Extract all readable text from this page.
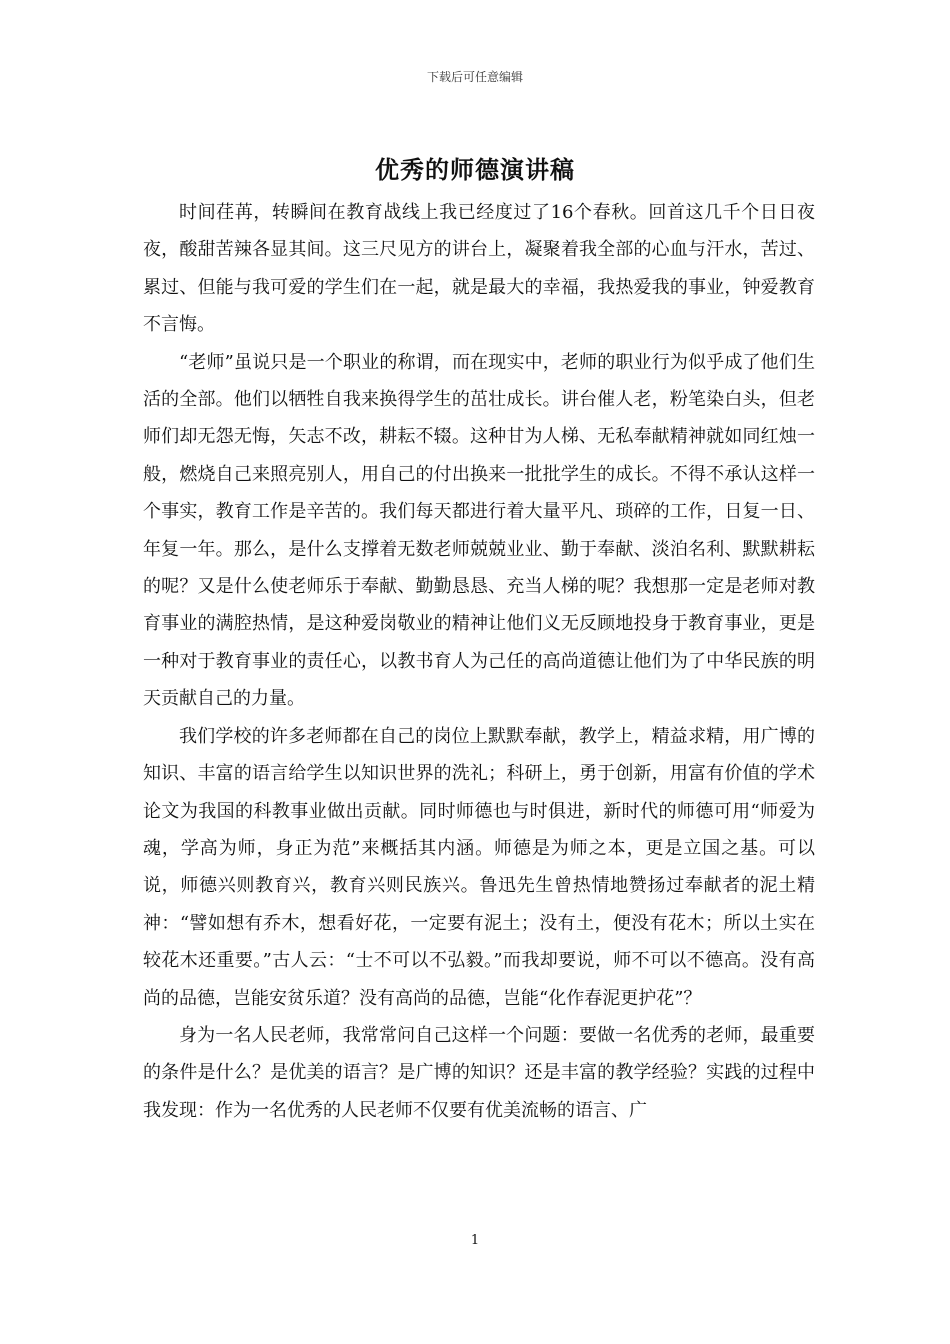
下载后可任意编辑
优秀的师德演讲稿

时间荏苒，转瞬间在教育战线上我已经度过了16个春秋。回首这几千个日日夜夜，酸甜苦辣各显其间。这三尺见方的讲台上，凝聚着我全部的心血与汗水，苦过、累过、但能与我可爱的学生们在一起，就是最大的幸福，我热爱我的事业，钟爱教育不言悔。

“老师”虽说只是一个职业的称谓，而在现实中，老师的职业行为似乎成了他们生活的全部。他们以牺牲自我来换得学生的茁壮成长。讲台催人老，粉笔染白头，但老师们却无怨无悔，矢志不改，耕耘不辍。这种甘为人梯、无私奉献精神就如同红烛一般，燃烧自己来照亮别人，用自己的付出换来一批批学生的成长。不得不承认这样一个事实，教育工作是辛苦的。我们每天都进行着大量平凡、琐碎的工作，日复一日、年复一年。那么，是什么支撑着无数老师兢兢业业、勤于奉献、淡泊名利、默默耕耘的呢？又是什么使老师乐于奉献、勤勤恳恳、充当人梯的呢？我想那一定是老师对教育事业的满腔热情，是这种爱岗敬业的精神让他们义无反顾地投身于教育事业，更是一种对于教育事业的责任心，以教书育人为己任的高尚道德让他们为了中华民族的明天贡献自己的力量。

我们学校的许多老师都在自己的岗位上默默奉献，教学上，精益求精，用广博的知识、丰富的语言给学生以知识世界的洗礼；科研上，勇于创新，用富有价值的学术论文为我国的科教事业做出贡献。同时师德也与时俱进，新时代的师德可用“师爱为魂，学高为师，身正为范”来概括其内涵。师德是为师之本，更是立国之基。可以说，师德兴则教育兴，教育兴则民族兴。鲁迅先生曾热情地赞扬过奉献者的泥土精神：“譬如想有乔木，想看好花，一定要有泥土；没有土，便没有花木；所以土实在较花木还重要。”古人云：“士不可以不弘毅。”而我却要说，师不可以不德高。没有高尚的品德，岂能安贫乐道？没有高尚的品德，岂能“化作春泥更护花”？

身为一名人民老师，我常常问自己这样一个问题：要做一名优秀的老师，最重要的条件是什么？是优美的语言？是广博的知识？还是丰富的教学经验？实践的过程中我发现：作为一名优秀的人民老师不仅要有优美流畅的语言、广

1
